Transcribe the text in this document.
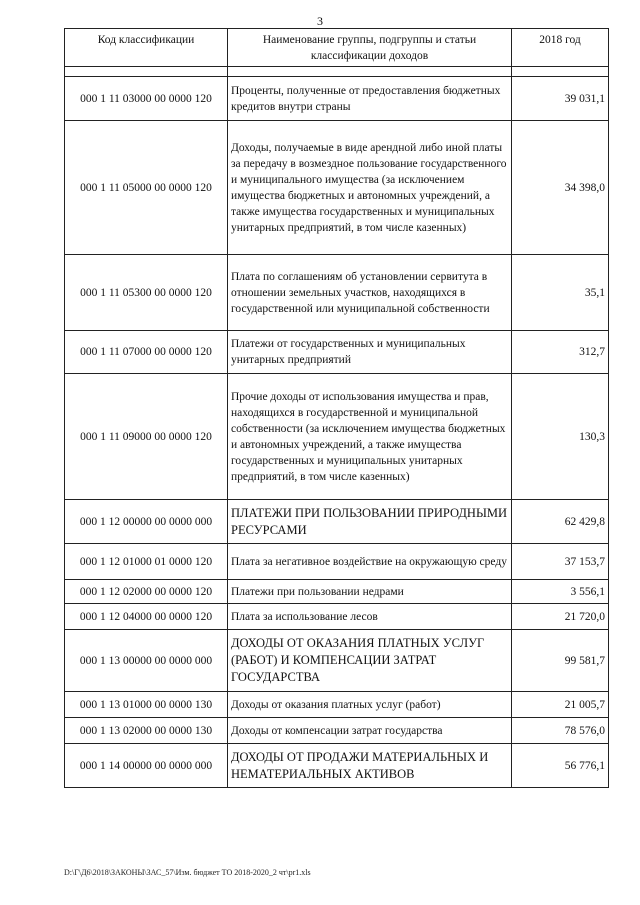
3
Код классификации	Наименование группы, подгруппы и статьи классификации доходов	2018 год

000 1 11 03000 00 0000 120	Проценты, полученные от предоставления бюджетных кредитов внутри страны	39 031,1
000 1 11 05000 00 0000 120	Доходы, получаемые в виде арендной либо иной платы за передачу в возмездное пользование государственного и муниципального имущества (за исключением имущества бюджетных и автономных учреждений, а также имущества государственных и муниципальных унитарных предприятий, в том числе казенных)	34 398,0
000 1 11 05300 00 0000 120	Плата по соглашениям об установлении сервитута в отношении земельных участков, находящихся в государственной или муниципальной собственности	35,1
000 1 11 07000 00 0000 120	Платежи от государственных и муниципальных унитарных предприятий	312,7
000 1 11 09000 00 0000 120	Прочие доходы от использования имущества и прав, находящихся в государственной и муниципальной собственности (за исключением имущества бюджетных и автономных учреждений, а также имущества государственных и муниципальных унитарных предприятий, в том числе казенных)	130,3
000 1 12 00000 00 0000 000	ПЛАТЕЖИ ПРИ ПОЛЬЗОВАНИИ ПРИРОДНЫМИ РЕСУРСАМИ	62 429,8
000 1 12 01000 01 0000 120	Плата за негативное воздействие на окружающую среду	37 153,7
000 1 12 02000 00 0000 120	Платежи при пользовании недрами	3 556,1
000 1 12 04000 00 0000 120	Плата за использование лесов	21 720,0
000 1 13 00000 00 0000 000	ДОХОДЫ ОТ ОКАЗАНИЯ ПЛАТНЫХ УСЛУГ (РАБОТ) И КОМПЕНСАЦИИ ЗАТРАТ ГОСУДАРСТВА	99 581,7
000 1 13 01000 00 0000 130	Доходы от оказания платных услуг (работ)	21 005,7
000 1 13 02000 00 0000 130	Доходы от компенсации затрат государства	78 576,0
000 1 14 00000 00 0000 000	ДОХОДЫ ОТ ПРОДАЖИ МАТЕРИАЛЬНЫХ И НЕМАТЕРИАЛЬНЫХ АКТИВОВ	56 776,1
D:\Г\Д6\2018\ЗАКОНЫ\ЗАС_57\Изм. бюджет ТО 2018-2020_2 чт\pr1.xls
